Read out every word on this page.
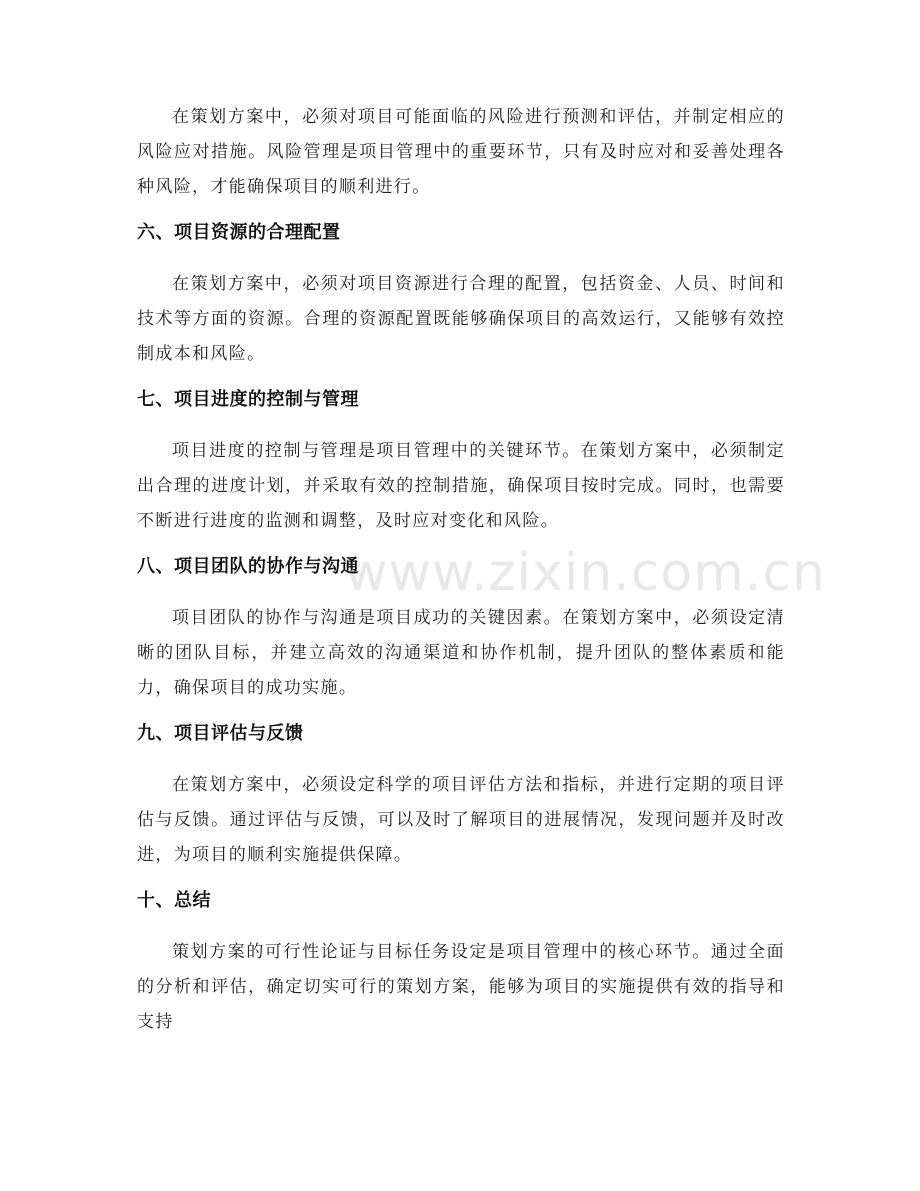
在策划方案中，必须对项目可能面临的风险进行预测和评估，并制定相应的风险应对措施。风险管理是项目管理中的重要环节，只有及时应对和妥善处理各种风险，才能确保项目的顺利进行。

六、项目资源的合理配置

在策划方案中，必须对项目资源进行合理的配置，包括资金、人员、时间和技术等方面的资源。合理的资源配置既能够确保项目的高效运行，又能够有效控制成本和风险。

七、项目进度的控制与管理

项目进度的控制与管理是项目管理中的关键环节。在策划方案中，必须制定出合理的进度计划，并采取有效的控制措施，确保项目按时完成。同时，也需要不断进行进度的监测和调整，及时应对变化和风险。

八、项目团队的协作与沟通

项目团队的协作与沟通是项目成功的关键因素。在策划方案中，必须设定清晰的团队目标，并建立高效的沟通渠道和协作机制，提升团队的整体素质和能力，确保项目的成功实施。

九、项目评估与反馈

在策划方案中，必须设定科学的项目评估方法和指标，并进行定期的项目评估与反馈。通过评估与反馈，可以及时了解项目的进展情况，发现问题并及时改进，为项目的顺利实施提供保障。

十、总结

策划方案的可行性论证与目标任务设定是项目管理中的核心环节。通过全面的分析和评估，确定切实可行的策划方案，能够为项目的实施提供有效的指导和支持

www.zixin.com.cn
